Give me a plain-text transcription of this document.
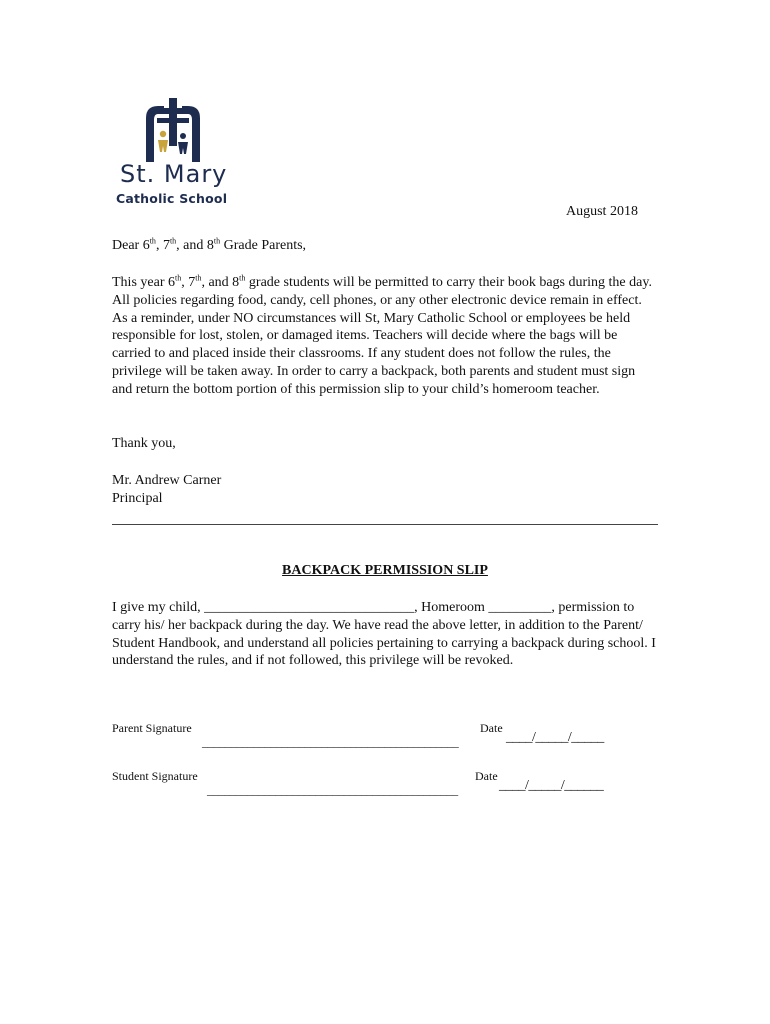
St. Mary
Catholic School
August 2018
Dear 6th, 7th, and 8th Grade Parents,
This year 6th, 7th, and 8th grade students will be permitted to carry their book bags during the day. All policies regarding food, candy, cell phones, or any other electronic device remain in effect. As a reminder, under NO circumstances will St, Mary Catholic School or employees be held responsible for lost, stolen, or damaged items. Teachers will decide where the bags will be carried to and placed inside their classrooms. If any student does not follow the rules, the privilege will be taken away. In order to carry a backpack, both parents and student must sign and return the bottom portion of this permission slip to your child’s homeroom teacher.
Thank you,
Mr. Andrew Carner
Principal
BACKPACK PERMISSION SLIP
I give my child, ______________________________, Homeroom _________, permission to carry his/ her backpack during the day. We have read the above letter, in addition to the Parent/ Student Handbook, and understand all policies pertaining to carrying a backpack during school. I understand the rules, and if not followed, this privilege will be revoked.
Parent Signature
_____________________________________________
Date
____/_____/_____
Student Signature
____________________________________________
Date
____/_____/______
